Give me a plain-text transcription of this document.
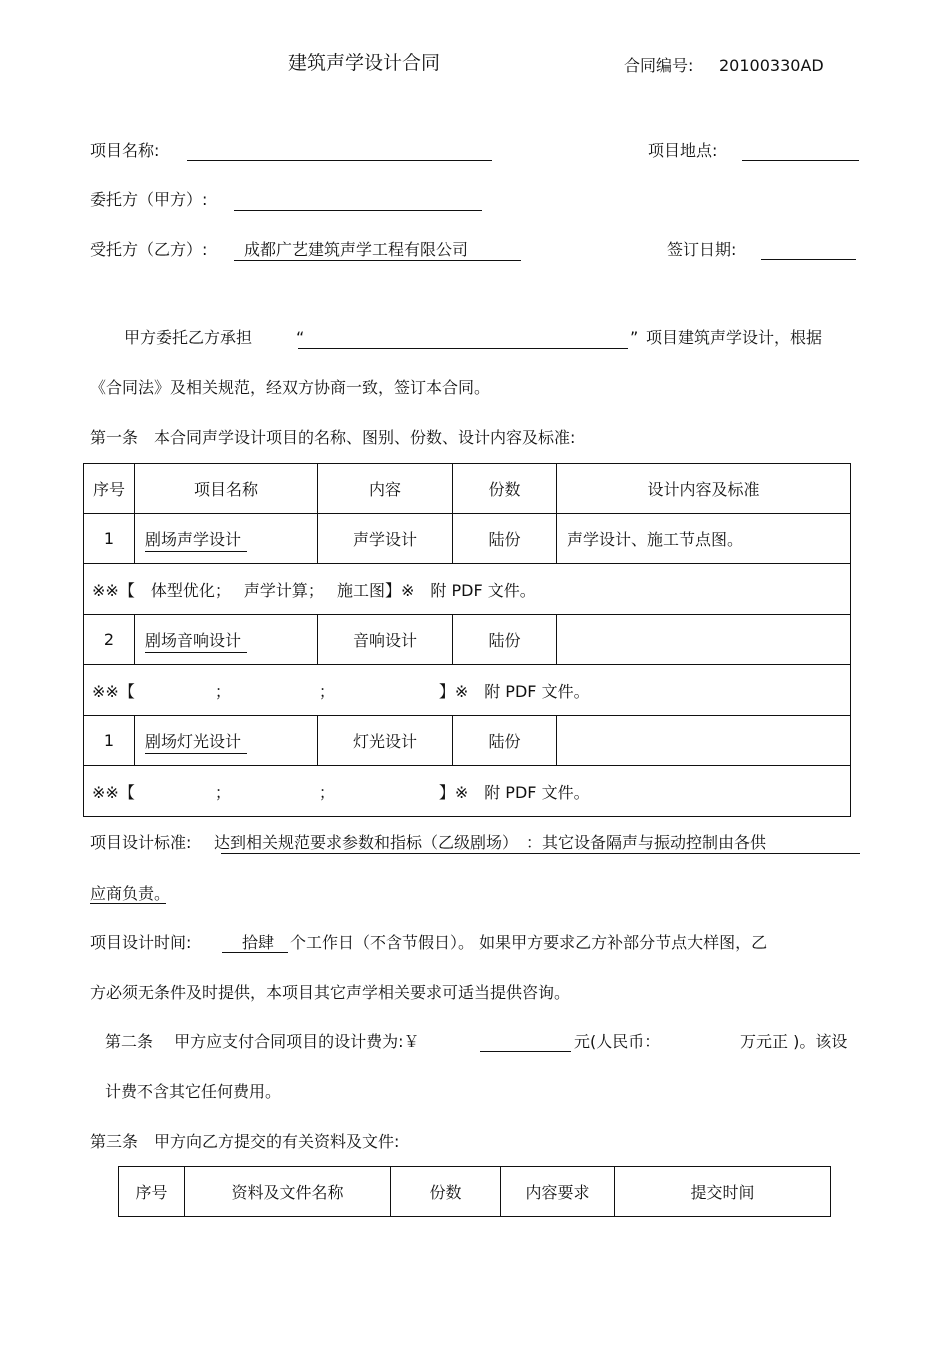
建筑声学设计合同	合同编号: 20100330AD
项目名称:	项目地点:
委托方（甲方）:
受托方（乙方）: 成都广艺建筑声学工程有限公司	签订日期:
甲方委托乙方承担	“	” 项目建筑声学设计，根据
《合同法》及相关规范，经双方协商一致，签订本合同。
第一条　本合同声学设计项目的名称、图别、份数、设计内容及标准:
序号	项目名称	内容	份数	设计内容及标准
1	剧场声学设计	声学设计	陆份	声学设计、施工节点图。
※※【　体型优化；　 声学计算；　 施工图】※　附 PDF 文件。				
2	剧场音响设计	音响设计	陆份	
※※【　　　　　；　　　　　　；　　　　　　　】※　附 PDF 文件。				
1	剧场灯光设计	灯光设计	陆份	
※※【　　　　　；　　　　　　；　　　　　　　】※　附 PDF 文件。				
项目设计标准: 达 到相关规范要求参数和指标（乙级剧场）　：其它设备隔声与振动控制由各供
应商负责。
项目设计时间:	拾肆 个工作日（不含节假日）。 如果甲方要求乙方补部分节点大样图，乙
方必须无条件及时提供，本项目其它声学相关要求可适当提供咨询。
第二条　 甲方应支付合同项目的设计费为:￥	元(人民币：	万元正 )。该设
计费不含其它任何费用。
第三条　甲方向乙方提交的有关资料及文件:
序号	资料及文件名称	份数	内容要求	提交时间
